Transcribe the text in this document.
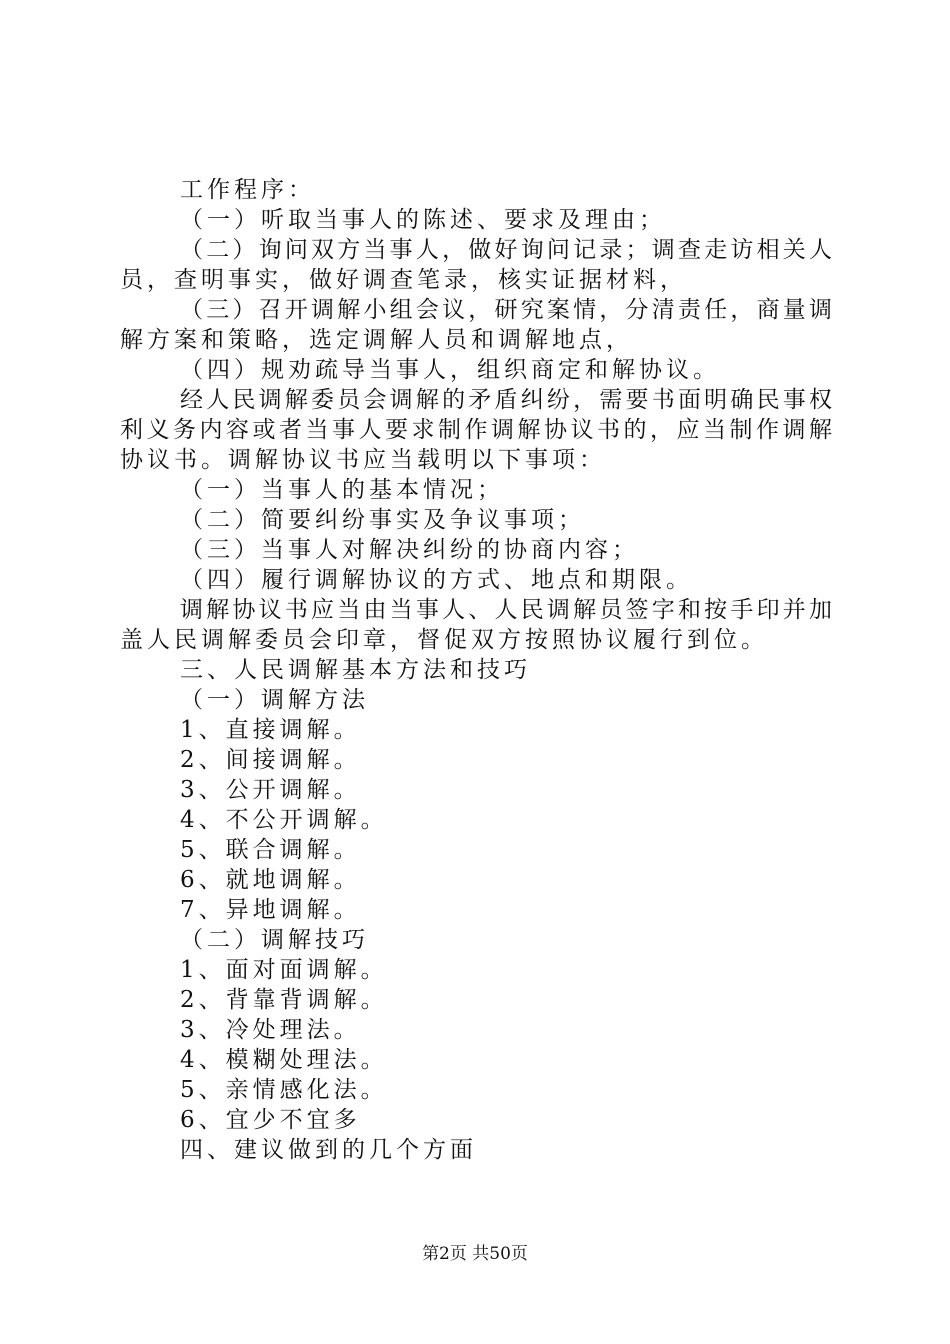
工作程序：
（一）听取当事人的陈述、要求及理由；
（二）询问双方当事人，做好询问记录；调查走访相关人
员，查明事实，做好调查笔录，核实证据材料，
（三）召开调解小组会议，研究案情，分清责任，商量调
解方案和策略，选定调解人员和调解地点，
（四）规劝疏导当事人，组织商定和解协议。
经人民调解委员会调解的矛盾纠纷，需要书面明确民事权
利义务内容或者当事人要求制作调解协议书的，应当制作调解
协议书。调解协议书应当载明以下事项：
（一）当事人的基本情况；
（二）简要纠纷事实及争议事项；
（三）当事人对解决纠纷的协商内容；
（四）履行调解协议的方式、地点和期限。
调解协议书应当由当事人、人民调解员签字和按手印并加
盖人民调解委员会印章，督促双方按照协议履行到位。
三、人民调解基本方法和技巧
（一）调解方法
1、直接调解。
2、间接调解。
3、公开调解。
4、不公开调解。
5、联合调解。
6、就地调解。
7、异地调解。
（二）调解技巧
1、面对面调解。
2、背靠背调解。
3、冷处理法。
4、模糊处理法。
5、亲情感化法。
6、宜少不宜多
四、建议做到的几个方面
第2页 共50页
